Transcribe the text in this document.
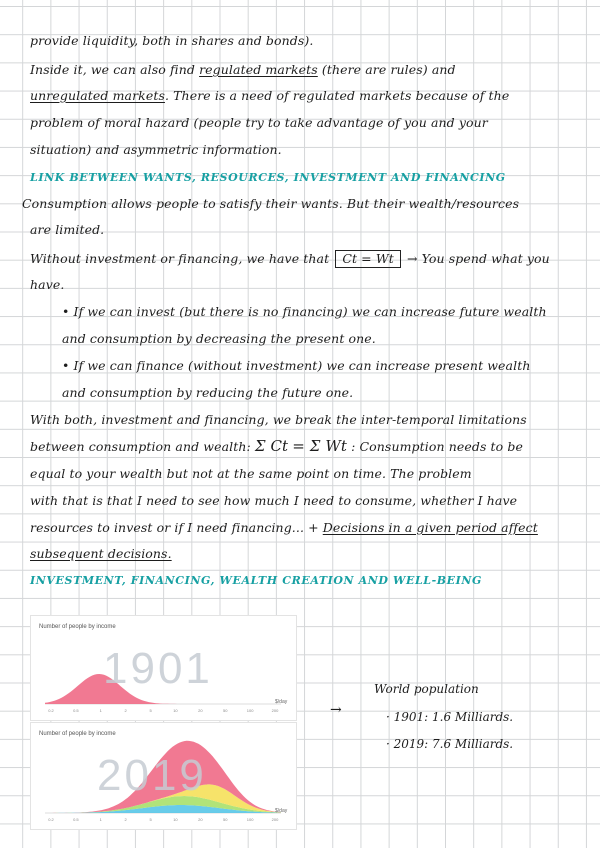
provide liquidity, both in shares and bonds).
Inside it, we can also find regulated markets (there are rules) and
unregulated markets. There is a need of regulated markets because of the
problem of moral hazard (people try to take advantage of you and your
situation) and asymmetric information.
LINK BETWEEN WANTS, RESOURCES, INVESTMENT AND FINANCING
Consumption allows people to satisfy their wants. But their wealth/resources
are limited.
Without investment or financing, we have that Ct = Wt → You spend what you
have.
• If we can invest (but there is no financing) we can increase future wealth
and consumption by decreasing the present one.
• If we can finance (without investment) we can increase present wealth
and consumption by reducing the future one.
With both, investment and financing, we break the inter-temporal limitations
between consumption and wealth: Σ Ct = Σ Wt : Consumption needs to be
equal to your wealth but not at the same point on time. The problem
with that is that I need to see how much I need to consume, whether I have
resources to invest or if I need financing... + Decisions in a given period affect
subsequent decisions.
INVESTMENT, FINANCING, WEALTH CREATION AND WELL-BEING
0.2	0.5	1	2	5	10	20	50	100	200
Number of people by income
1901
$/day
0.2	0.5	1	2	5	10	20	50	100	200
Number of people by income
2019
$/day
→
World population
· 1901: 1.6 Milliards.
· 2019: 7.6 Milliards.
